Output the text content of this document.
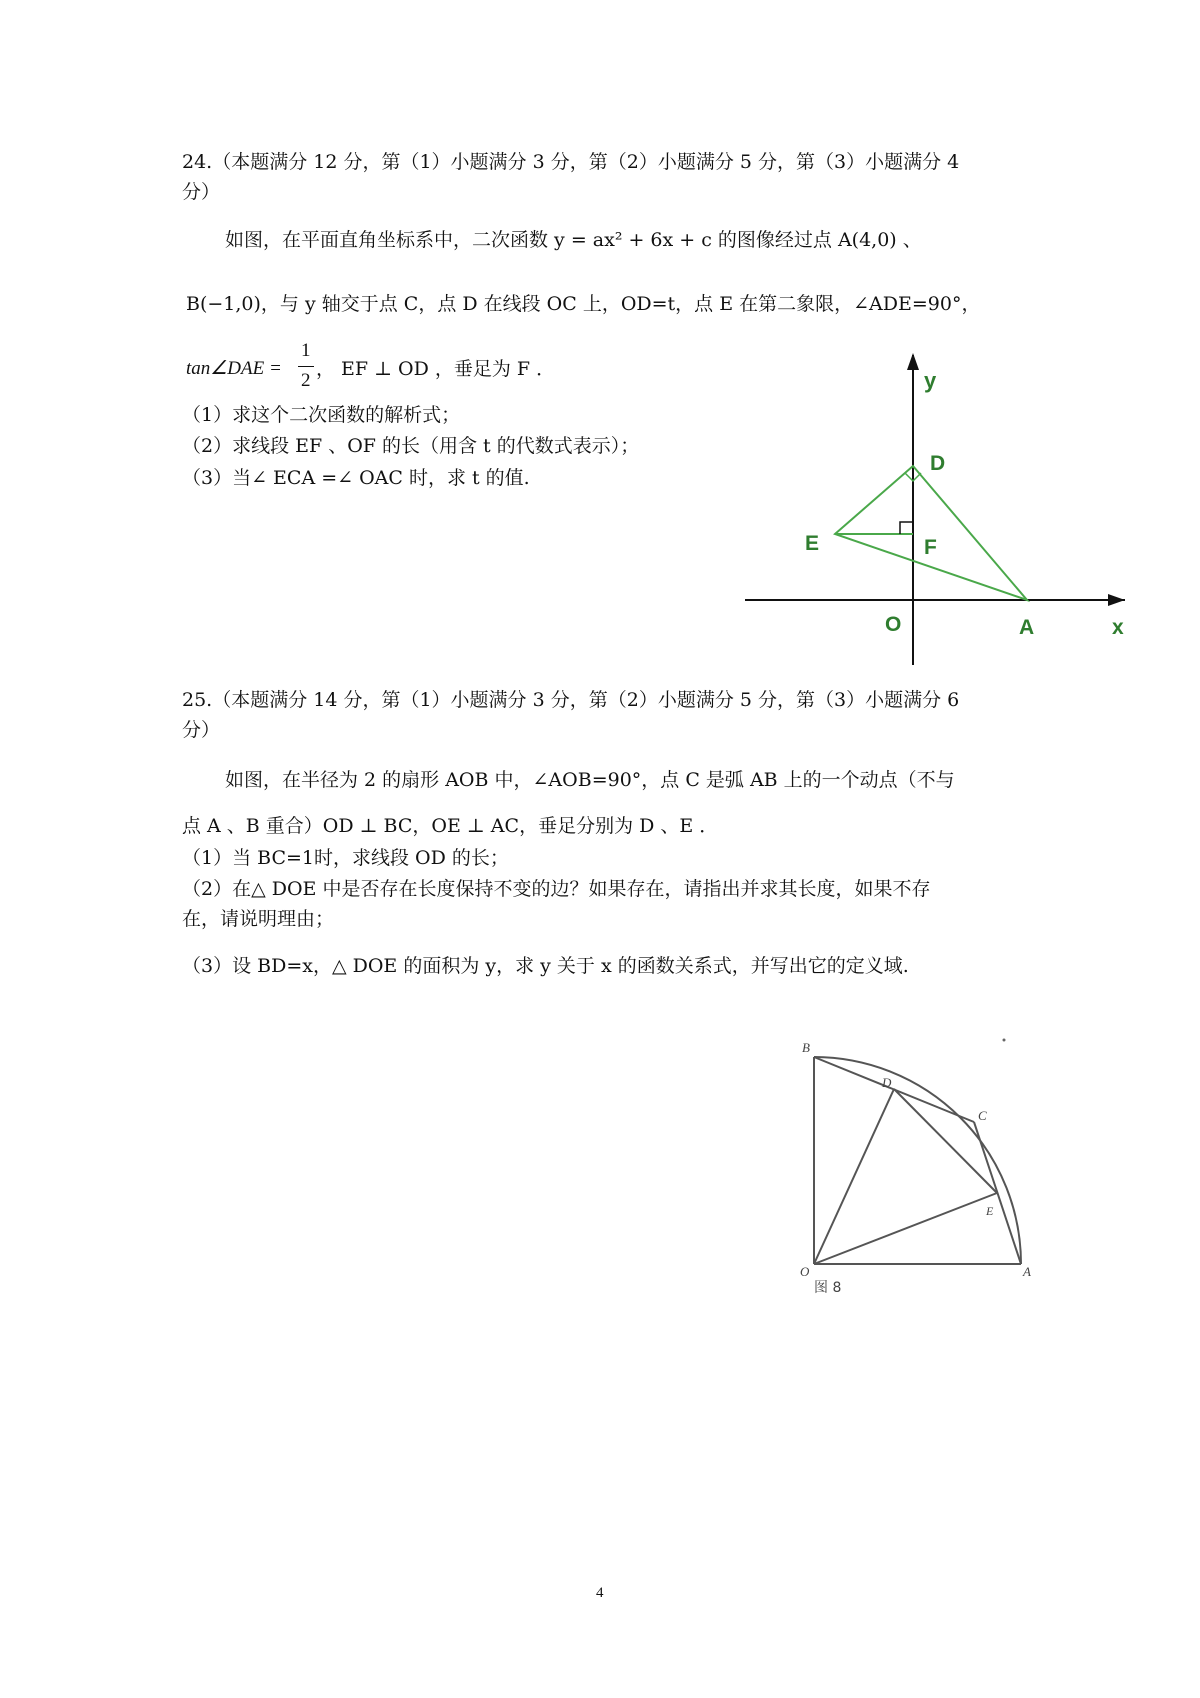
24.（本题满分 12 分，第（1）小题满分 3 分，第（2）小题满分 5 分，第（3）小题满分 4
分）
如图，在平面直角坐标系中，二次函数 y = ax² + 6x + c 的图像经过点 A(4,0) 、
B(−1,0)，与 y 轴交于点 C，点 D 在线段 OC 上，OD=t，点 E 在第二象限，∠ADE=90°，
tan∠DAE =
1
2
， EF ⊥ OD ，垂足为 F ．
（1）求这个二次函数的解析式；
（2）求线段 EF 、OF 的长（用含 t 的代数式表示）；
（3）当∠ ECA =∠ OAC 时，求 t 的值.
y
D
E	F
O	A	x
25.（本题满分 14 分，第（1）小题满分 3 分，第（2）小题满分 5 分，第（3）小题满分 6
分）
如图，在半径为 2 的扇形 AOB 中，∠AOB=90°，点 C 是弧 AB 上的一个动点（不与
点 A 、B 重合）OD ⊥ BC，OE ⊥ AC，垂足分别为 D 、E ．
（1）当 BC=1时，求线段 OD 的长；
（2）在△ DOE 中是否存在长度保持不变的边？如果存在，请指出并求其长度，如果不存
在，请说明理由；
（3）设 BD=x，△ DOE 的面积为 y，求 y 关于 x 的函数关系式，并写出它的定义域.
B
D
C
E
O	A
图 8
4
